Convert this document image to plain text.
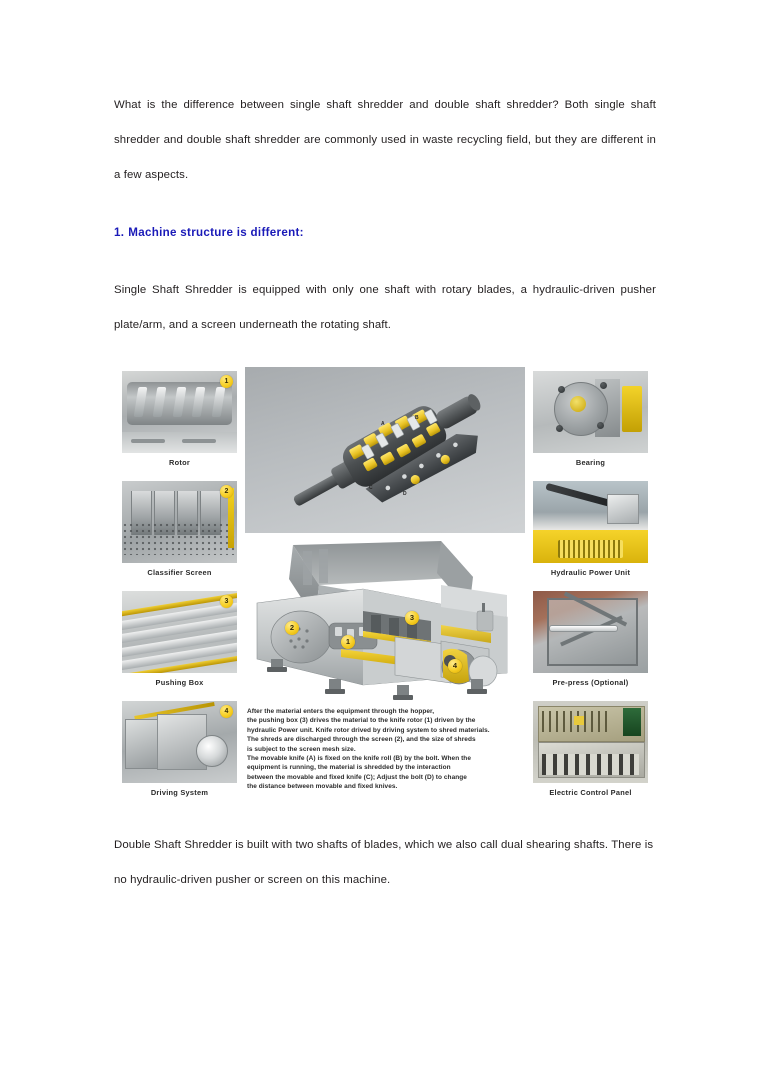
What is the difference between single shaft shredder and double shaft shredder? Both single shaft shredder and double shaft shredder are commonly used in waste recycling field, but they are different in a few aspects.

1. Machine structure is different:

Single Shaft Shredder is equipped with only one shaft with rotary blades, a hydraulic-driven pusher plate/arm, and a screen underneath the rotating shaft.

1
Rotor
2
Classifier Screen
3
Pushing Box
4
Driving System
Bearing
Hydraulic Power Unit
Pre-press (Optional)
Electric Control Panel
A
B
C
D
2
1
3
4

After the material enters the equipment through the hopper,

the pushing box (3) drives the material to the knife rotor (1) driven by the

hydraulic Power unit. Knife rotor drived by driving system to shred materials.

The shreds are discharged through the screen (2), and the size of shreds

is subject to the screen mesh size.

The movable knife (A) is fixed on the knife roll (B) by the bolt. When the

equipment is running, the material is shredded by the interaction

between the movable and fixed knife (C); Adjust the bolt (D) to change

the distance between movable and fixed knives.

Double Shaft Shredder is built with two shafts of blades, which we also call dual shearing shafts. There is no hydraulic-driven pusher or screen on this machine.
